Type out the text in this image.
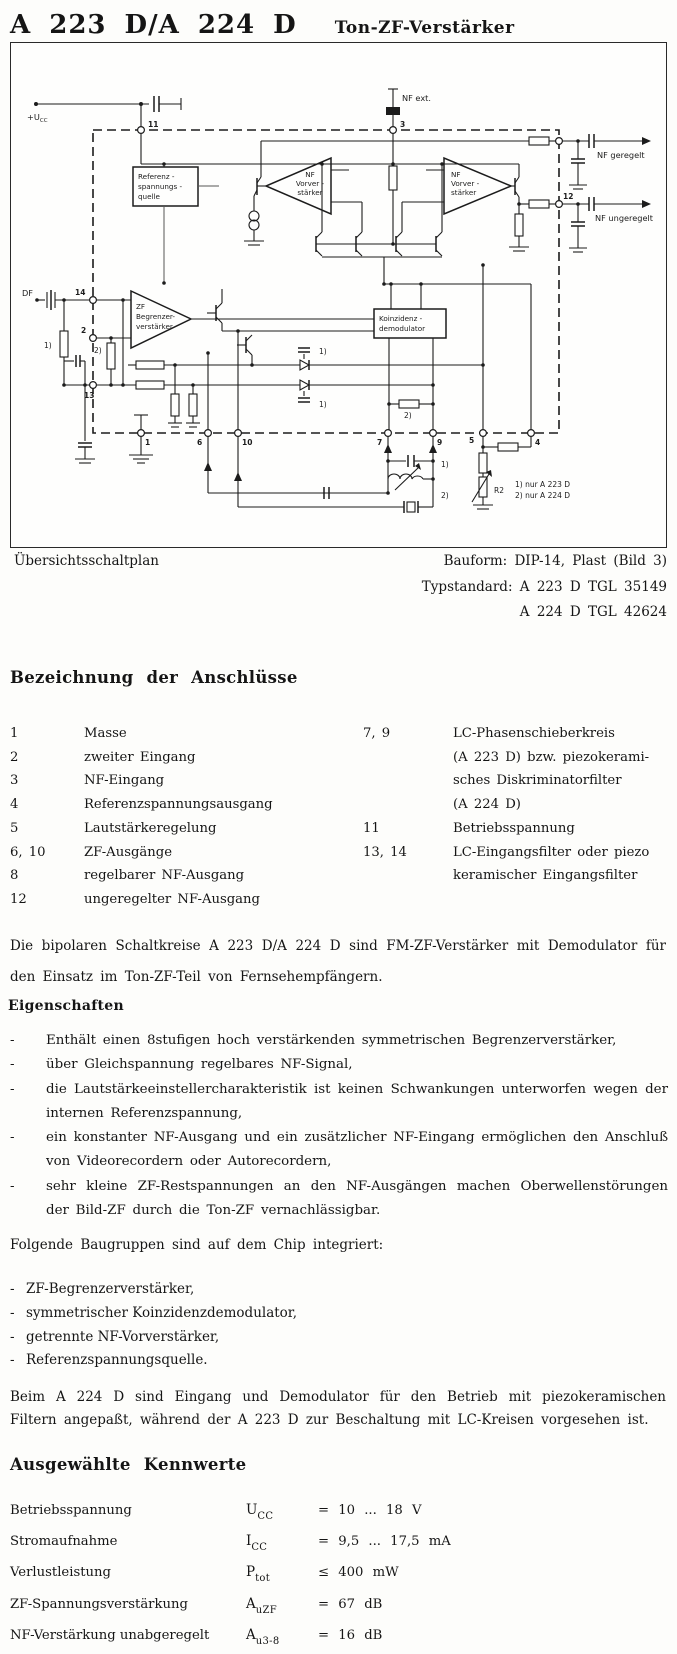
A 223 D/A 224 D Ton-ZF-Verstärker
$+U_{CC}$
NF ext.
Referenz -
spannungs -
quelle
NF
Vorver -
stärker
NF
Vorver -
stärker
Koinzidenz -
demodulator
2)
ZF
Begrenzer-
verstärker
1)
1)
DF
1)
2)
1)
2)
R2
1) nur A 223 D
2) nur A 224 D
NF geregelt
NF ungeregelt
11	3
12
14
2
13
1	6	10	7	9	5	4
Übersichtsschaltplan	Bauform: DIP-14, Plast (Bild 3)
Typstandard: A 223 D TGL 35149
A 224 D TGL 42624
Bezeichnung der Anschlüsse
1	Masse
2	zweiter Eingang
3	NF-Eingang
4	Referenzspannungsausgang
5	Lautstärkeregelung
6, 10	ZF-Ausgänge
8	regelbarer NF-Ausgang
12	ungeregelter NF-Ausgang
7, 9	LC-Phasenschieberkreis
(A 223 D) bzw. piezokerami-
sches Diskriminatorfilter
(A 224 D)
11	Betriebsspannung
13, 14	LC-Eingangsfilter oder piezo
keramischer Eingangsfilter
Die bipolaren Schaltkreise A 223 D/A 224 D sind FM-ZF-Verstärker mit Demodulator für den Einsatz im Ton-ZF-Teil von Fernsehempfängern.
Eigenschaften
- Enthält einen 8stufigen hoch verstärkenden symmetrischen Begrenzerverstärker,
- über Gleichspannung regelbares NF-Signal,
- die Lautstärkeeinstellercharakteristik ist keinen Schwankungen unterworfen wegen der internen Referenzspannung,
- ein konstanter NF-Ausgang und ein zusätzlicher NF-Eingang ermöglichen den Anschluß von Videorecordern oder Autorecordern,
- sehr kleine ZF-Restspannungen an den NF-Ausgängen machen Oberwellenstörungen der Bild-ZF durch die Ton-ZF vernachlässigbar.
Folgende Baugruppen sind auf dem Chip integriert:
- ZF-Begrenzerverstärker,
- symmetrischer Koinzidenzdemodulator,
- getrennte NF-Vorverstärker,
- Referenzspannungsquelle.
Beim A 224 D sind Eingang und Demodulator für den Betrieb mit piezokeramischen Filtern angepaßt, während der A 223 D zur Beschaltung mit LC-Kreisen vorgesehen ist.
Ausgewählte Kennwerte
Betriebsspannung	$U_{CC}$	= 10 ... 18 V
Stromaufnahme	$I_{CC}$	= 9,5 ... 17,5 mA
Verlustleistung	$P_{tot}$	≤ 400 mW
ZF-Spannungsverstärkung	$A_{uZF}$	= 67 dB
NF-Verstärkung unabgeregelt	$A_{u3-8}$	= 16 dB
